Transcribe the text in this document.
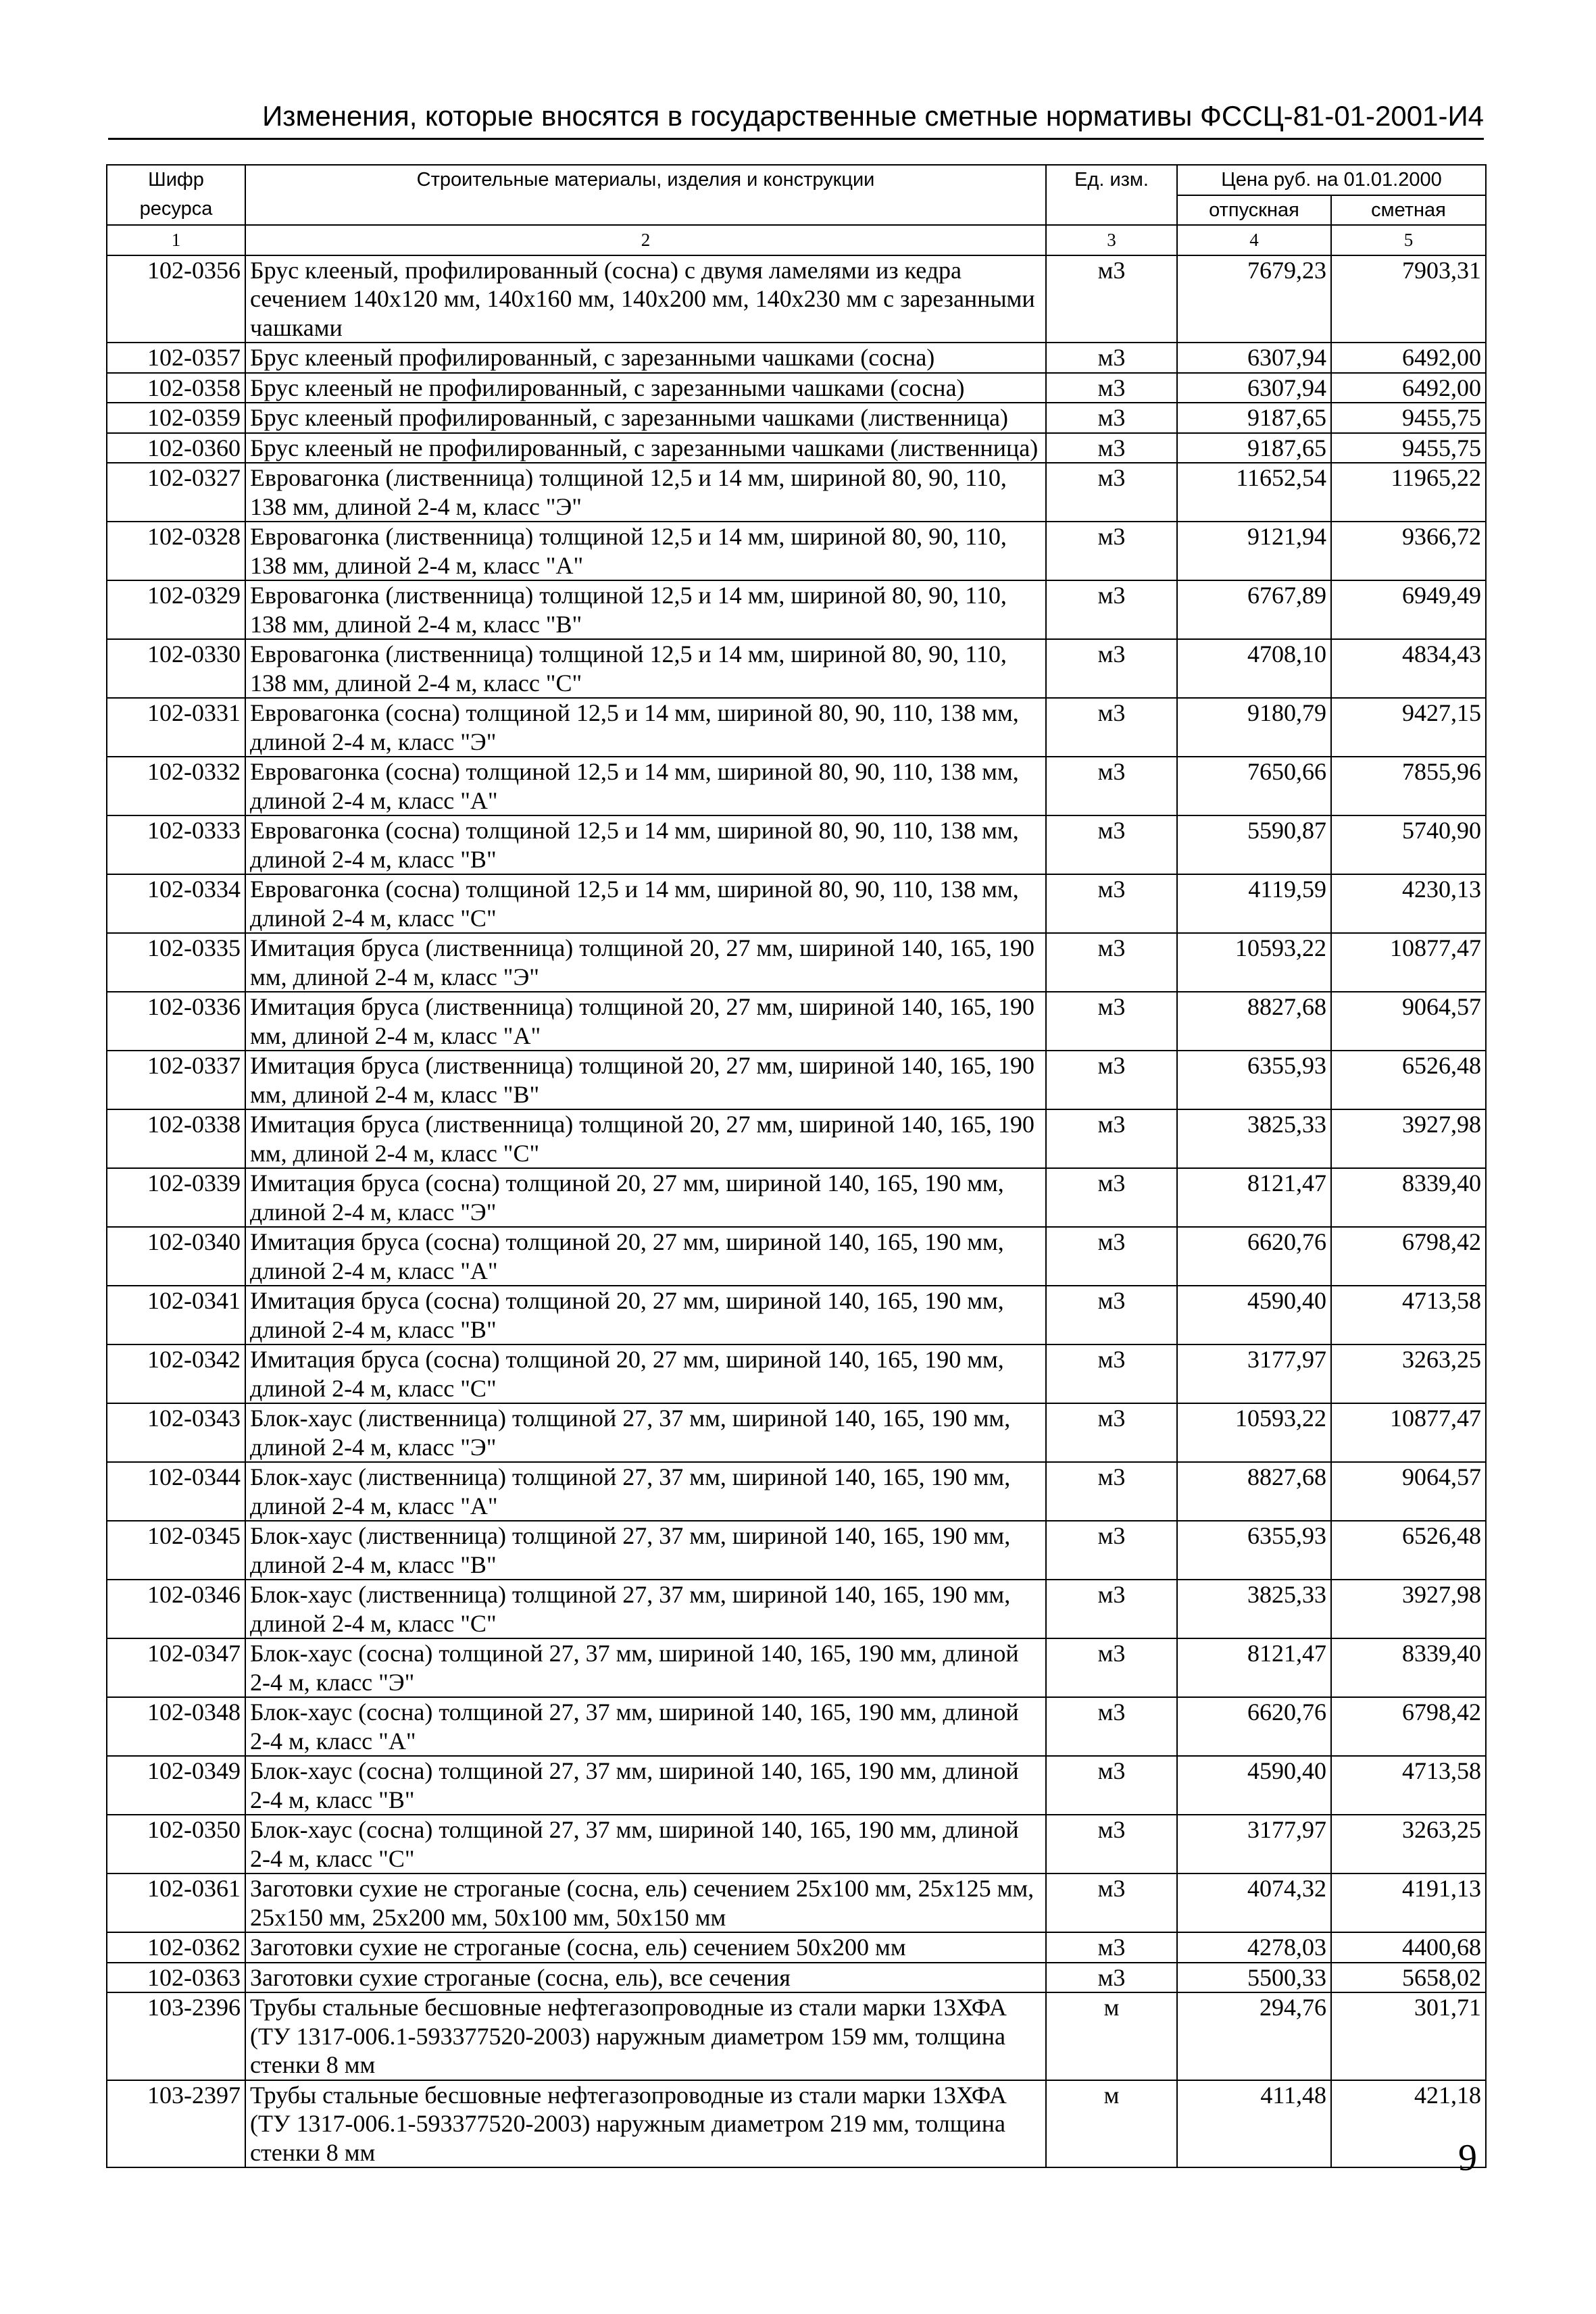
Изменения, которые вносятся в государственные сметные нормативы ФССЦ-81-01-2001-И4
Шифр ресурса	Строительные материалы, изделия и конструкции	Ед. изм.	Цена руб. на 01.01.2000	
			отпускная	сметная
1	2	3	4	5
102-0356	Брус клееный, профилированный (сосна) с двумя ламелями из кедра сечением 140x120 мм, 140x160 мм, 140x200 мм, 140x230 мм с зарезанными чашками	м3	7679,23	7903,31
102-0357	Брус клееный профилированный, с зарезанными чашками (сосна)	м3	6307,94	6492,00
102-0358	Брус клееный не профилированный, с зарезанными чашками (сосна)	м3	6307,94	6492,00
102-0359	Брус клееный профилированный, с зарезанными чашками (лиственница)	м3	9187,65	9455,75
102-0360	Брус клееный не профилированный, с зарезанными чашками (лиственница)	м3	9187,65	9455,75
102-0327	Евровагонка (лиственница) толщиной 12,5 и 14 мм, шириной 80, 90, 110, 138 мм, длиной 2-4 м, класс "Э"	м3	11652,54	11965,22
102-0328	Евровагонка (лиственница) толщиной 12,5 и 14 мм, шириной 80, 90, 110, 138 мм, длиной 2-4 м, класс "А"	м3	9121,94	9366,72
102-0329	Евровагонка (лиственница) толщиной 12,5 и 14 мм, шириной 80, 90, 110, 138 мм, длиной 2-4 м, класс "В"	м3	6767,89	6949,49
102-0330	Евровагонка (лиственница) толщиной 12,5 и 14 мм, шириной 80, 90, 110, 138 мм, длиной 2-4 м, класс "С"	м3	4708,10	4834,43
102-0331	Евровагонка (сосна) толщиной 12,5 и 14 мм, шириной 80, 90, 110, 138 мм, длиной 2-4 м, класс "Э"	м3	9180,79	9427,15
102-0332	Евровагонка (сосна) толщиной 12,5 и 14 мм, шириной 80, 90, 110, 138 мм, длиной 2-4 м, класс "А"	м3	7650,66	7855,96
102-0333	Евровагонка (сосна) толщиной 12,5 и 14 мм, шириной 80, 90, 110, 138 мм, длиной 2-4 м, класс "В"	м3	5590,87	5740,90
102-0334	Евровагонка (сосна) толщиной 12,5 и 14 мм, шириной 80, 90, 110, 138 мм, длиной 2-4 м, класс "С"	м3	4119,59	4230,13
102-0335	Имитация бруса (лиственница) толщиной 20, 27 мм, шириной 140, 165, 190 мм, длиной 2-4 м, класс "Э"	м3	10593,22	10877,47
102-0336	Имитация бруса (лиственница) толщиной 20, 27 мм, шириной 140, 165, 190 мм, длиной 2-4 м, класс "А"	м3	8827,68	9064,57
102-0337	Имитация бруса (лиственница) толщиной 20, 27 мм, шириной 140, 165, 190 мм, длиной 2-4 м, класс "В"	м3	6355,93	6526,48
102-0338	Имитация бруса (лиственница) толщиной 20, 27 мм, шириной 140, 165, 190 мм, длиной 2-4 м, класс "С"	м3	3825,33	3927,98
102-0339	Имитация бруса (сосна) толщиной 20, 27 мм, шириной 140, 165, 190 мм, длиной 2-4 м, класс "Э"	м3	8121,47	8339,40
102-0340	Имитация бруса (сосна) толщиной 20, 27 мм, шириной 140, 165, 190 мм, длиной 2-4 м, класс "А"	м3	6620,76	6798,42
102-0341	Имитация бруса (сосна) толщиной 20, 27 мм, шириной 140, 165, 190 мм, длиной 2-4 м, класс "В"	м3	4590,40	4713,58
102-0342	Имитация бруса (сосна) толщиной 20, 27 мм, шириной 140, 165, 190 мм, длиной 2-4 м, класс "С"	м3	3177,97	3263,25
102-0343	Блок-хаус (лиственница) толщиной 27, 37 мм, шириной 140, 165, 190 мм, длиной 2-4 м, класс "Э"	м3	10593,22	10877,47
102-0344	Блок-хаус (лиственница) толщиной 27, 37 мм, шириной 140, 165, 190 мм, длиной 2-4 м, класс "А"	м3	8827,68	9064,57
102-0345	Блок-хаус (лиственница) толщиной 27, 37 мм, шириной 140, 165, 190 мм, длиной 2-4 м, класс "В"	м3	6355,93	6526,48
102-0346	Блок-хаус (лиственница) толщиной 27, 37 мм, шириной 140, 165, 190 мм, длиной 2-4 м, класс "С"	м3	3825,33	3927,98
102-0347	Блок-хаус (сосна) толщиной 27, 37 мм, шириной 140, 165, 190 мм, длиной 2-4 м, класс "Э"	м3	8121,47	8339,40
102-0348	Блок-хаус (сосна) толщиной 27, 37 мм, шириной 140, 165, 190 мм, длиной 2-4 м, класс "А"	м3	6620,76	6798,42
102-0349	Блок-хаус (сосна) толщиной 27, 37 мм, шириной 140, 165, 190 мм, длиной 2-4 м, класс "В"	м3	4590,40	4713,58
102-0350	Блок-хаус (сосна) толщиной 27, 37 мм, шириной 140, 165, 190 мм, длиной 2-4 м, класс "С"	м3	3177,97	3263,25
102-0361	Заготовки сухие не строганые (сосна, ель) сечением 25x100 мм, 25x125 мм, 25x150 мм, 25x200 мм, 50x100 мм, 50x150 мм	м3	4074,32	4191,13
102-0362	Заготовки сухие не строганые (сосна, ель) сечением 50x200 мм	м3	4278,03	4400,68
102-0363	Заготовки сухие строганые (сосна, ель), все сечения	м3	5500,33	5658,02
103-2396	Трубы стальные бесшовные нефтегазопроводные из стали марки 13ХФА (ТУ 1317-006.1-593377520-2003) наружным диаметром 159 мм, толщина стенки 8 мм	м	294,76	301,71
103-2397	Трубы стальные бесшовные нефтегазопроводные из стали марки 13ХФА (ТУ 1317-006.1-593377520-2003) наружным диаметром 219 мм, толщина стенки 8 мм	м	411,48	421,18
9
